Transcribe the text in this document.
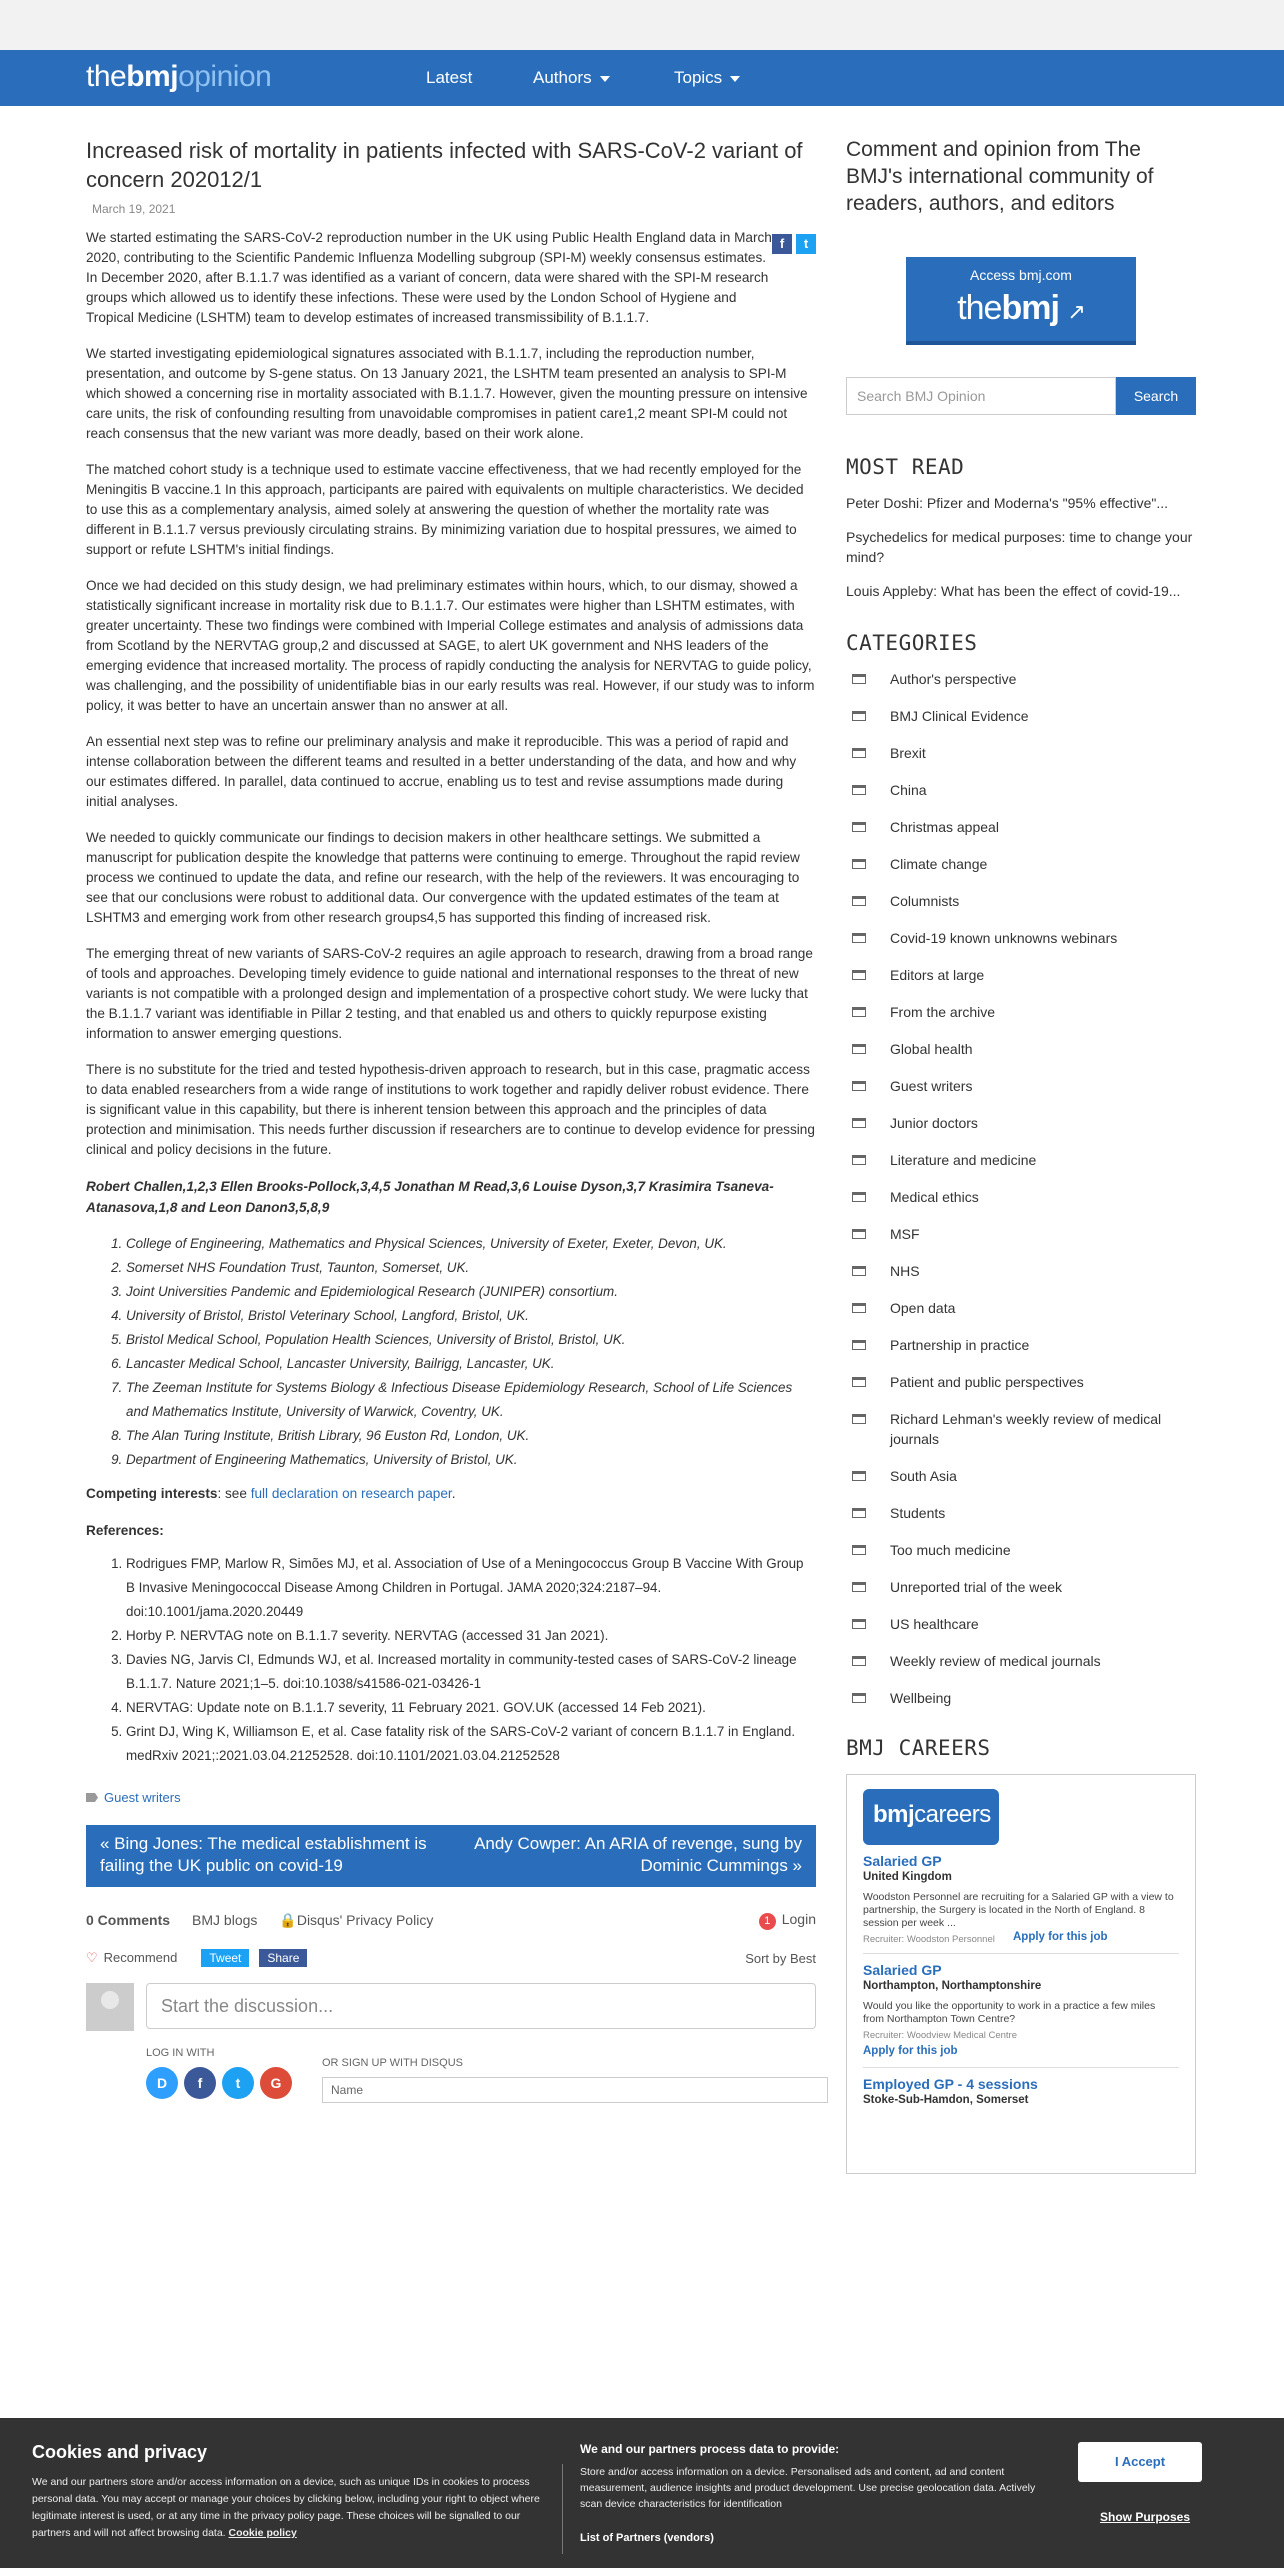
thebmjopinion	Latest	Authors	Topics
Increased risk of mortality in patients infected with SARS-CoV-2 variant of concern 202012/1
March 19, 2021
f t

We started estimating the SARS-CoV-2 reproduction number in the UK using Public Health England data in March 2020, contributing to the Scientific Pandemic Influenza Modelling subgroup (SPI-M) weekly consensus estimates. In December 2020, after B.1.1.7 was identified as a variant of concern, data were shared with the SPI-M research groups which allowed us to identify these infections. These were used by the London School of Hygiene and Tropical Medicine (LSHTM) team to develop estimates of increased transmissibility of B.1.1.7.

We started investigating epidemiological signatures associated with B.1.1.7, including the reproduction number, presentation, and outcome by S-gene status. On 13 January 2021, the LSHTM team presented an analysis to SPI-M which showed a concerning rise in mortality associated with B.1.1.7. However, given the mounting pressure on intensive care units, the risk of confounding resulting from unavoidable compromises in patient care1,2 meant SPI-M could not reach consensus that the new variant was more deadly, based on their work alone.

The matched cohort study is a technique used to estimate vaccine effectiveness, that we had recently employed for the Meningitis B vaccine.1 In this approach, participants are paired with equivalents on multiple characteristics. We decided to use this as a complementary analysis, aimed solely at answering the question of whether the mortality rate was different in B.1.1.7 versus previously circulating strains. By minimizing variation due to hospital pressures, we aimed to support or refute LSHTM's initial findings.

Once we had decided on this study design, we had preliminary estimates within hours, which, to our dismay, showed a statistically significant increase in mortality risk due to B.1.1.7. Our estimates were higher than LSHTM estimates, with greater uncertainty. These two findings were combined with Imperial College estimates and analysis of admissions data from Scotland by the NERVTAG group,2 and discussed at SAGE, to alert UK government and NHS leaders of the emerging evidence that increased mortality. The process of rapidly conducting the analysis for NERVTAG to guide policy, was challenging, and the possibility of unidentifiable bias in our early results was real. However, if our study was to inform policy, it was better to have an uncertain answer than no answer at all.

An essential next step was to refine our preliminary analysis and make it reproducible. This was a period of rapid and intense collaboration between the different teams and resulted in a better understanding of the data, and how and why our estimates differed. In parallel, data continued to accrue, enabling us to test and revise assumptions made during initial analyses.

We needed to quickly communicate our findings to decision makers in other healthcare settings. We submitted a manuscript for publication despite the knowledge that patterns were continuing to emerge. Throughout the rapid review process we continued to update the data, and refine our research, with the help of the reviewers. It was encouraging to see that our conclusions were robust to additional data. Our convergence with the updated estimates of the team at LSHTM3 and emerging work from other research groups4,5 has supported this finding of increased risk.

The emerging threat of new variants of SARS-CoV-2 requires an agile approach to research, drawing from a broad range of tools and approaches. Developing timely evidence to guide national and international responses to the threat of new variants is not compatible with a prolonged design and implementation of a prospective cohort study. We were lucky that the B.1.1.7 variant was identifiable in Pillar 2 testing, and that enabled us and others to quickly repurpose existing information to answer emerging questions.

There is no substitute for the tried and tested hypothesis-driven approach to research, but in this case, pragmatic access to data enabled researchers from a wide range of institutions to work together and rapidly deliver robust evidence. There is significant value in this capability, but there is inherent tension between this approach and the principles of data protection and minimisation. This needs further discussion if researchers are to continue to develop evidence for pressing clinical and policy decisions in the future.

Robert Challen,1,2,3 Ellen Brooks-Pollock,3,4,5 Jonathan M Read,3,6 Louise Dyson,3,7 Krasimira Tsaneva-Atanasova,1,8 and Leon Danon3,5,8,9
1. College of Engineering, Mathematics and Physical Sciences, University of Exeter, Exeter, Devon, UK.
2. Somerset NHS Foundation Trust, Taunton, Somerset, UK.
3. Joint Universities Pandemic and Epidemiological Research (JUNIPER) consortium.
4. University of Bristol, Bristol Veterinary School, Langford, Bristol, UK.
5. Bristol Medical School, Population Health Sciences, University of Bristol, Bristol, UK.
6. Lancaster Medical School, Lancaster University, Bailrigg, Lancaster, UK.
7. The Zeeman Institute for Systems Biology & Infectious Disease Epidemiology Research, School of Life Sciences and Mathematics Institute, University of Warwick, Coventry, UK.
8. The Alan Turing Institute, British Library, 96 Euston Rd, London, UK.
9. Department of Engineering Mathematics, University of Bristol, UK.
Competing interests: see full declaration on research paper.
References:
1. Rodrigues FMP, Marlow R, Simões MJ, et al. Association of Use of a Meningococcus Group B Vaccine With Group B Invasive Meningococcal Disease Among Children in Portugal. JAMA 2020;324:2187–94. doi:10.1001/jama.2020.20449
2. Horby P. NERVTAG note on B.1.1.7 severity. NERVTAG (accessed 31 Jan 2021).
3. Davies NG, Jarvis CI, Edmunds WJ, et al. Increased mortality in community-tested cases of SARS-CoV-2 lineage B.1.1.7. Nature 2021;1–5. doi:10.1038/s41586-021-03426-1
4. NERVTAG: Update note on B.1.1.7 severity, 11 February 2021. GOV.UK (accessed 14 Feb 2021).
5. Grint DJ, Wing K, Williamson E, et al. Case fatality risk of the SARS-CoV-2 variant of concern B.1.1.7 in England. medRxiv 2021;:2021.03.04.21252528. doi:10.1101/2021.03.04.21252528
Guest writers
« Bing Jones: The medical establishment is failing the UK public on covid-19
Andy Cowper: An ARIA of revenge, sung by Dominic Cummings »
0 Comments BMJ blogs 🔒Disqus' Privacy Policy	1 Login
♡ Recommend	Tweet	Share	Sort by Best
Start the discussion...
LOG IN WITH
D	f	t	G
OR SIGN UP WITH DISQUS
Name
Comment and opinion from The BMJ's international community of readers, authors, and editors
Access bmj.com
thebmj ↗
Search BMJ Opinion	Search
MOST READ
Peter Doshi: Pfizer and Moderna's "95% effective"...
Psychedelics for medical purposes: time to change your mind?
Louis Appleby: What has been the effect of covid-19...
CATEGORIES
Author's perspective
BMJ Clinical Evidence
Brexit
China
Christmas appeal
Climate change
Columnists
Covid-19 known unknowns webinars
Editors at large
From the archive
Global health
Guest writers
Junior doctors
Literature and medicine
Medical ethics
MSF
NHS
Open data
Partnership in practice
Patient and public perspectives
Richard Lehman's weekly review of medical journals
South Asia
Students
Too much medicine
Unreported trial of the week
US healthcare
Weekly review of medical journals
Wellbeing
BMJ CAREERS
bmjcareers
Salaried GP
United Kingdom
Woodston Personnel are recruiting for a Salaried GP with a view to partnership, the Surgery is located in the North of England. 8 session per week ...
Recruiter: Woodston Personnel	Apply for this job
Salaried GP
Northampton, Northamptonshire
Would you like the opportunity to work in a practice a few miles from Northampton Town Centre?
Recruiter: Woodview Medical Centre
Apply for this job
Employed GP - 4 sessions
Stoke-Sub-Hamdon, Somerset
Cookies and privacy
We and our partners store and/or access information on a device, such as unique IDs in cookies to process personal data. You may accept or manage your choices by clicking below, including your right to object where legitimate interest is used, or at any time in the privacy policy page. These choices will be signalled to our partners and will not affect browsing data. Cookie policy
We and our partners process data to provide:
Store and/or access information on a device. Personalised ads and content, ad and content measurement, audience insights and product development. Use precise geolocation data. Actively scan device characteristics for identification
List of Partners (vendors)
I Accept
Show Purposes
